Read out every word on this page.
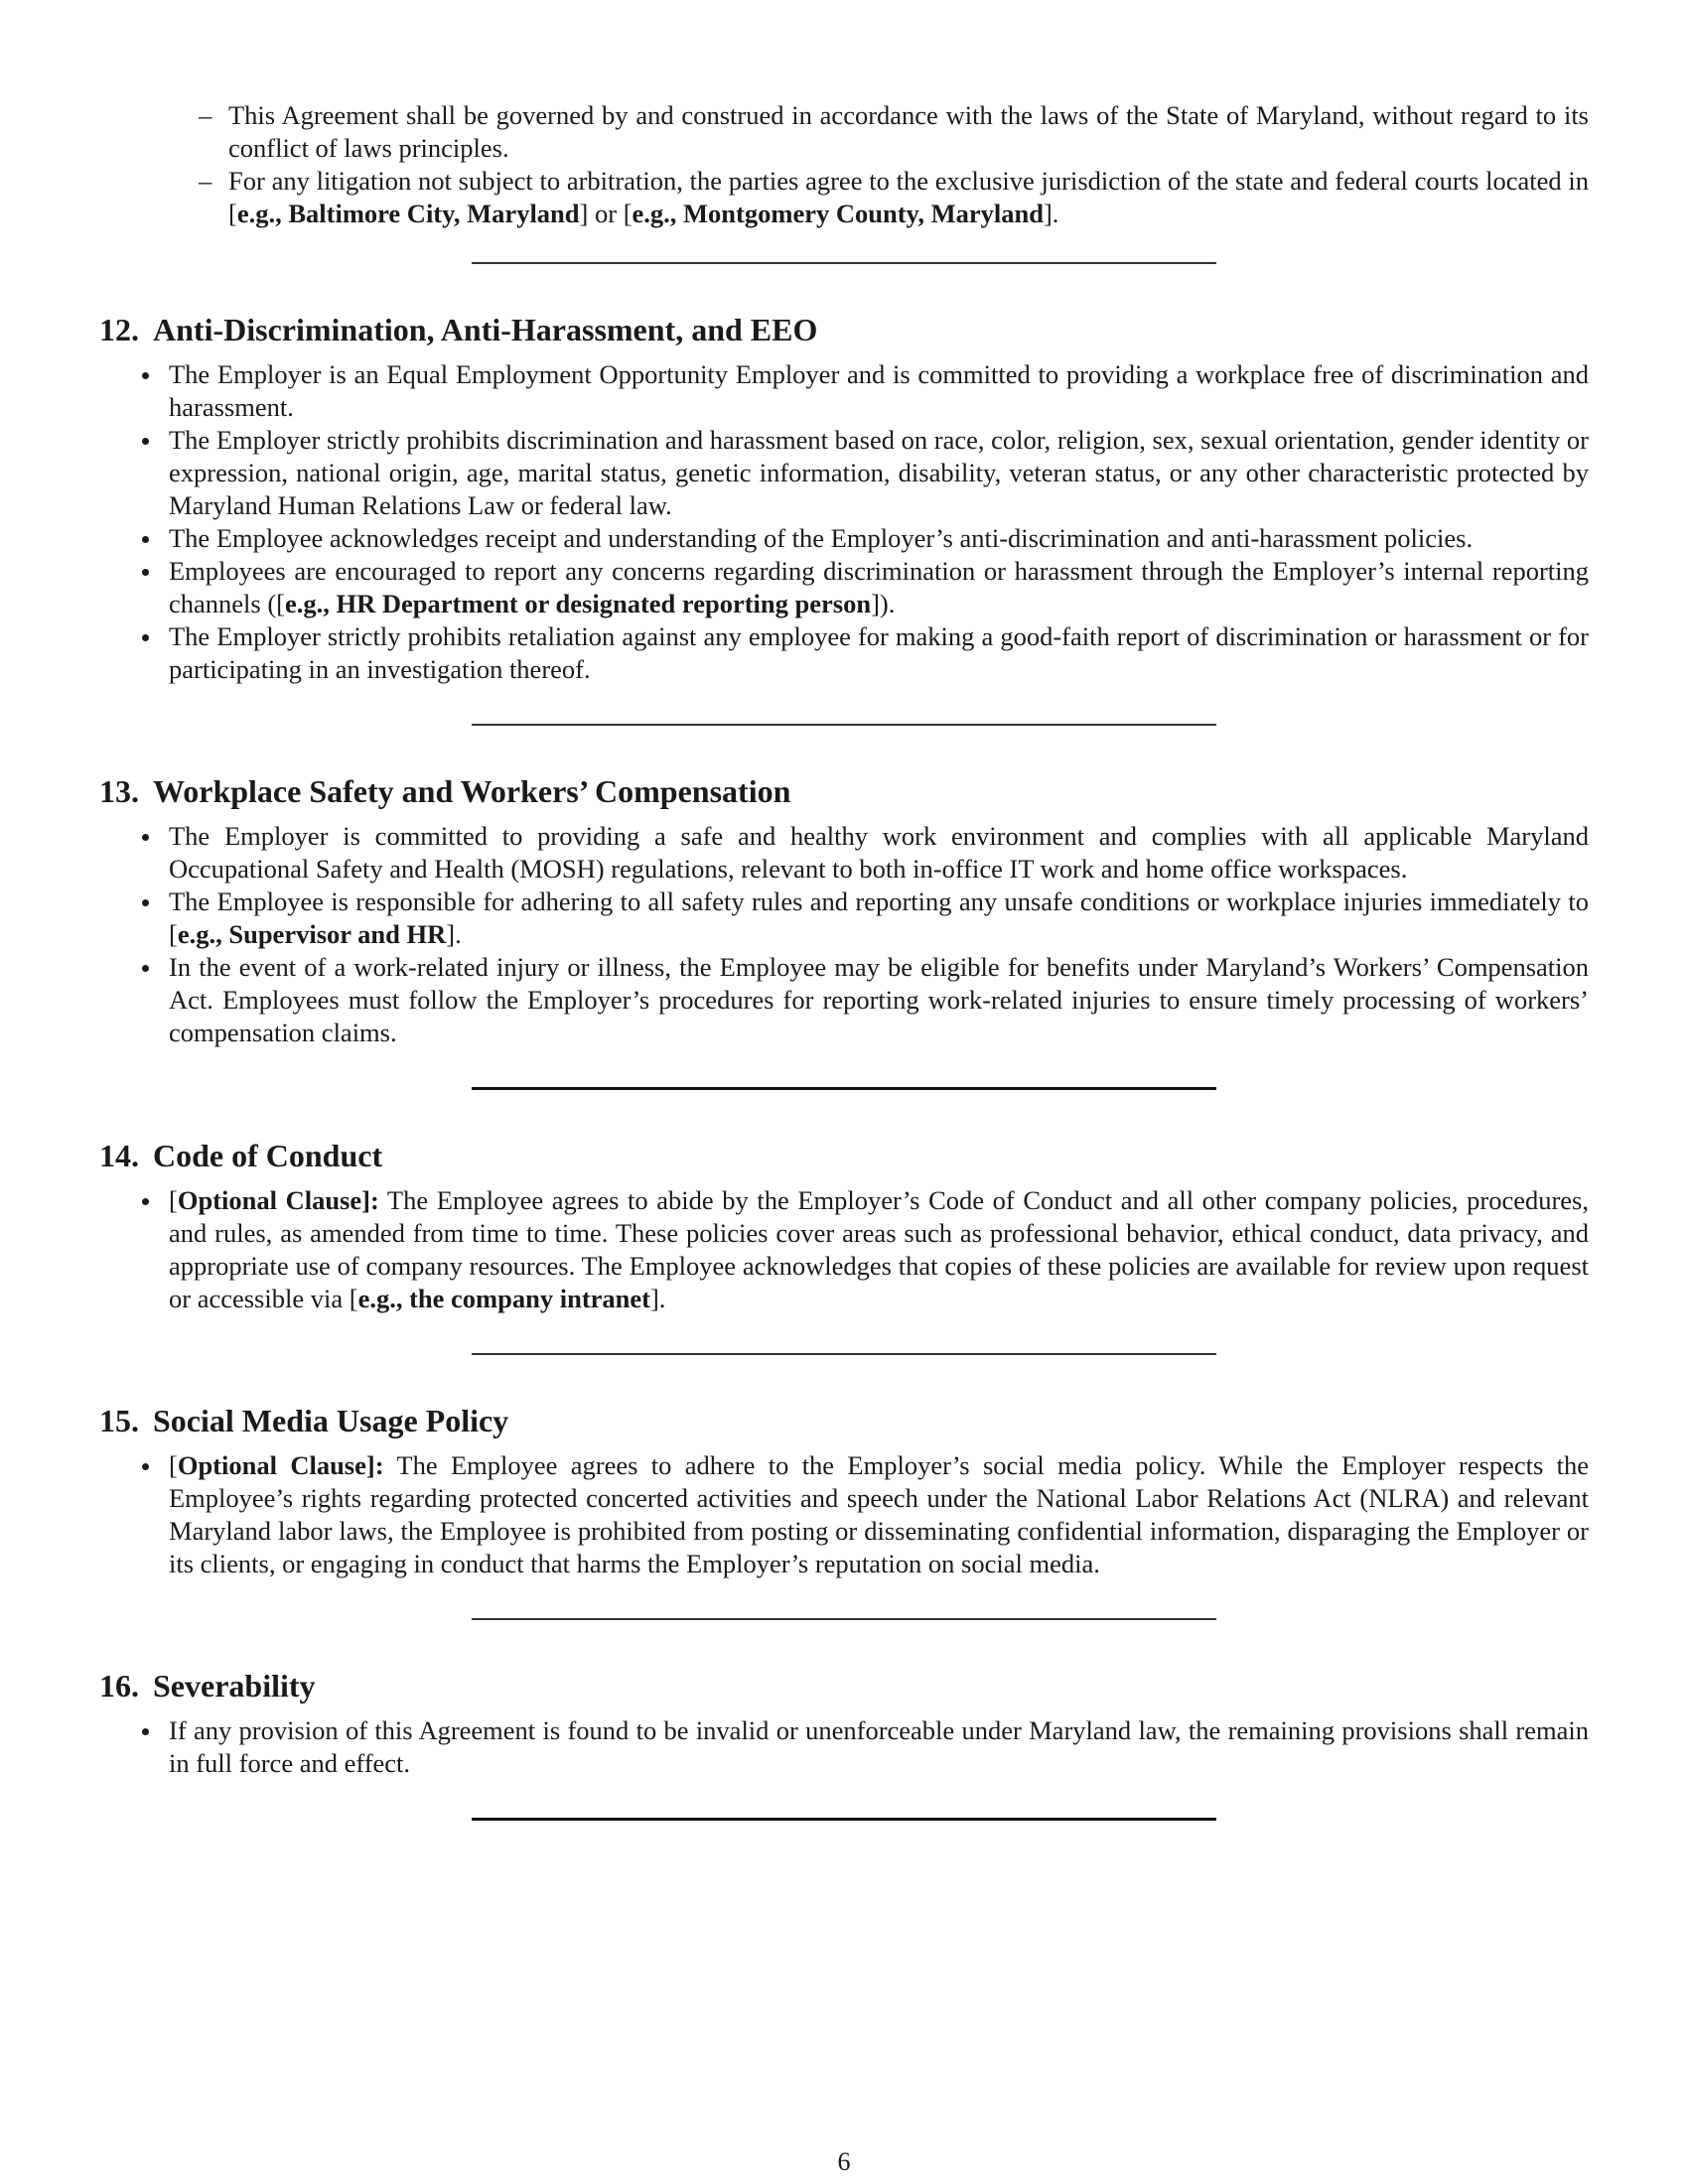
– This Agreement shall be governed by and construed in accordance with the laws of the State of Maryland, without regard to its conflict of laws principles.
– For any litigation not subject to arbitration, the parties agree to the exclusive jurisdiction of the state and federal courts located in [e.g., Baltimore City, Maryland] or [e.g., Montgomery County, Maryland].
12. Anti-Discrimination, Anti-Harassment, and EEO
The Employer is an Equal Employment Opportunity Employer and is committed to providing a workplace free of discrimination and harassment.
The Employer strictly prohibits discrimination and harassment based on race, color, religion, sex, sexual orientation, gender identity or expression, national origin, age, marital status, genetic information, disability, veteran status, or any other characteristic protected by Maryland Human Relations Law or federal law.
The Employee acknowledges receipt and understanding of the Employer’s anti-discrimination and anti-harassment policies.
Employees are encouraged to report any concerns regarding discrimination or harassment through the Employer’s internal reporting channels ([e.g., HR Department or designated reporting person]).
The Employer strictly prohibits retaliation against any employee for making a good-faith report of discrimination or harassment or for participating in an investigation thereof.
13. Workplace Safety and Workers’ Compensation
The Employer is committed to providing a safe and healthy work environment and complies with all applicable Maryland Occupational Safety and Health (MOSH) regulations, relevant to both in-office IT work and home office workspaces.
The Employee is responsible for adhering to all safety rules and reporting any unsafe conditions or workplace injuries immediately to [e.g., Supervisor and HR].
In the event of a work-related injury or illness, the Employee may be eligible for benefits under Maryland’s Workers’ Compensation Act. Employees must follow the Employer’s procedures for reporting work-related injuries to ensure timely processing of workers’ compensation claims.
14. Code of Conduct
[Optional Clause]: The Employee agrees to abide by the Employer’s Code of Conduct and all other company policies, procedures, and rules, as amended from time to time. These policies cover areas such as professional behavior, ethical conduct, data privacy, and appropriate use of company resources. The Employee acknowledges that copies of these policies are available for review upon request or accessible via [e.g., the company intranet].
15. Social Media Usage Policy
[Optional Clause]: The Employee agrees to adhere to the Employer’s social media policy. While the Employer respects the Employee’s rights regarding protected concerted activities and speech under the National Labor Relations Act (NLRA) and relevant Maryland labor laws, the Employee is prohibited from posting or disseminating confidential information, disparaging the Employer or its clients, or engaging in conduct that harms the Employer’s reputation on social media.
16. Severability
If any provision of this Agreement is found to be invalid or unenforceable under Maryland law, the remaining provisions shall remain in full force and effect.
6
